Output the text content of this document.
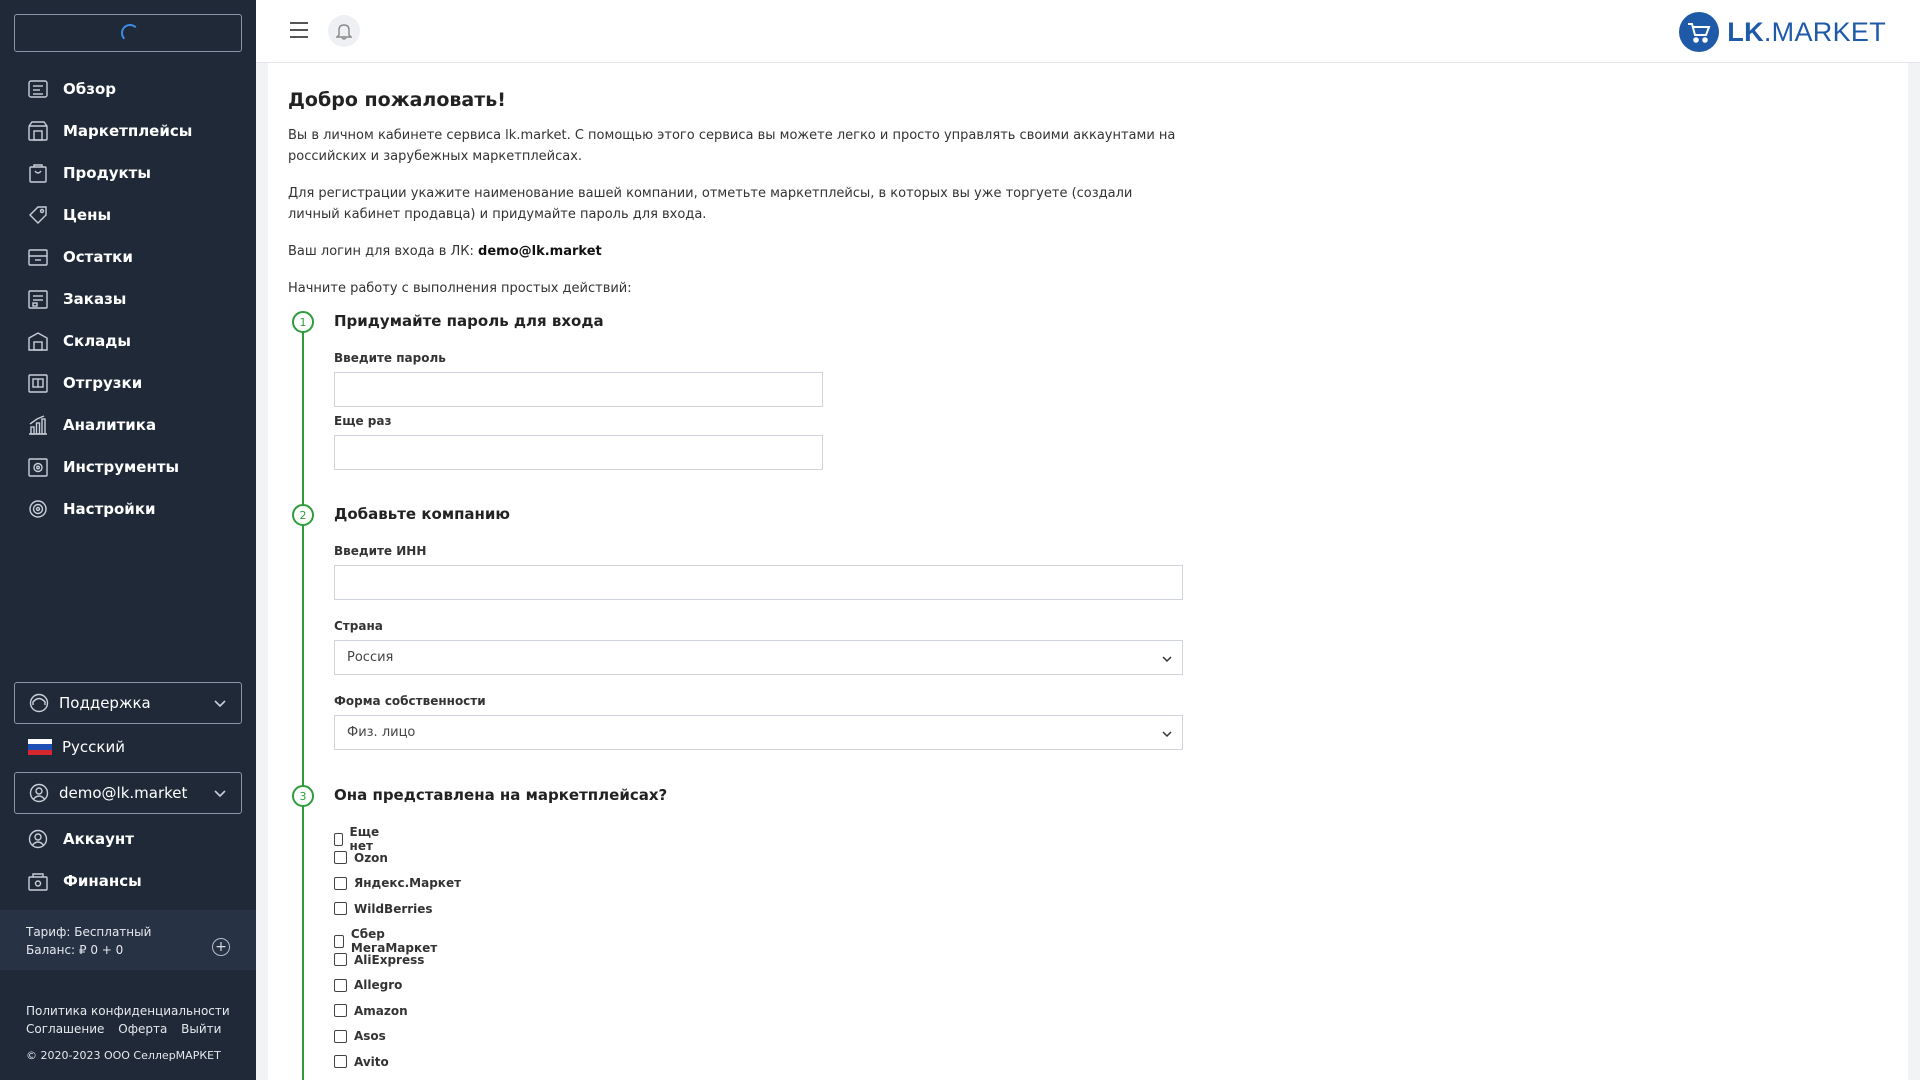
Обзор
Маркетплейсы
Продукты
Цены
Остатки
Заказы
Склады
Отгрузки
Аналитика
Инструменты
Настройки
Поддержка
Русский
demo@lk.market
Аккаунт
Финансы
Тариф: Бесплатный
Баланс: ₽ 0 + 0	+
Политика конфиденциальности
Соглашение Оферта Выйти
© 2020-2023 ООО СеллерМАРКЕТ
LK.MARKET
Добро пожаловать!

Вы в личном кабинете сервиса lk.market. С помощью этого сервиса вы можете легко и просто управлять своими аккаунтами на российских и зарубежных маркетплейсах.

Для регистрации укажите наименование вашей компании, отметьте маркетплейсы, в которых вы уже торгуете (создали личный кабинет продавца) и придумайте пароль для входа.

Ваш логин для входа в ЛК: demo@lk.market

Начните работу с выполнения простых действий:

1	Придумайте пароль для входа
Введите пароль
Еще раз
2	Добавьте компанию
Введите ИНН
Страна
Россия
Форма собственности
Физ. лицо
3	Она представлена на маркетплейсах?
Еще нет
Ozon
Яндекс.Маркет
WildBerries
Сбер МегаМаркет
AliExpress
Allegro
Amazon
Asos
Avito
